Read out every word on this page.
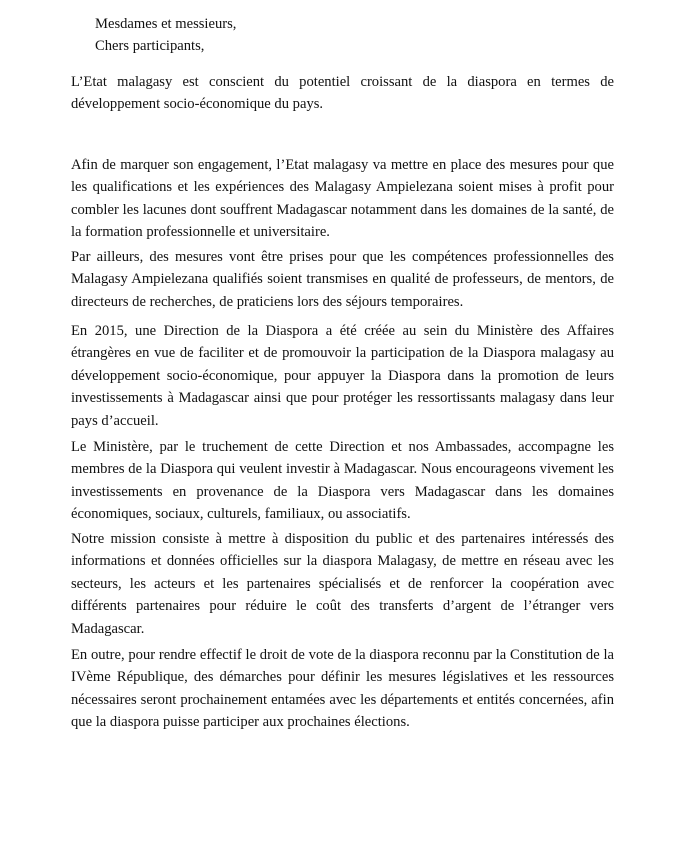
Mesdames et messieurs,

Chers participants,

L’Etat malagasy est conscient du potentiel croissant de la diaspora en termes de développement socio-économique du pays.

Afin de marquer son engagement, l’Etat malagasy va mettre en place des mesures pour que les qualifications et les expériences des Malagasy Ampielezana soient mises à profit pour combler les lacunes dont souffrent Madagascar notamment dans les domaines de la santé, de la formation professionnelle et universitaire.

Par ailleurs, des mesures vont être prises pour que les compétences professionnelles des Malagasy Ampielezana qualifiés soient transmises en qualité de professeurs, de mentors, de directeurs de recherches, de praticiens lors des séjours temporaires.

En 2015, une Direction de la Diaspora a été créée au sein du Ministère des Affaires étrangères en vue de faciliter et de promouvoir la participation de la Diaspora malagasy au développement socio-économique, pour appuyer la Diaspora dans la promotion de leurs investissements à Madagascar ainsi que pour protéger les ressortissants malagasy dans leur pays d’accueil.

Le Ministère, par le truchement de cette Direction et nos Ambassades, accompagne les membres de la Diaspora qui veulent investir à Madagascar. Nous encourageons vivement les investissements en provenance de la Diaspora vers Madagascar dans les domaines économiques, sociaux, culturels, familiaux, ou associatifs.

Notre mission consiste à mettre à disposition du public et des partenaires intéressés des informations et données officielles sur la diaspora Malagasy, de mettre en réseau avec les secteurs, les acteurs et les partenaires spécialisés et de renforcer la coopération avec différents partenaires pour réduire le coût des transferts d’argent de l’étranger vers Madagascar.

En outre, pour rendre effectif le droit de vote de la diaspora reconnu par la Constitution de la IVème République, des démarches pour définir les mesures législatives et les ressources nécessaires seront prochainement entamées avec les départements et entités concernées, afin que la diaspora puisse participer aux prochaines élections.
